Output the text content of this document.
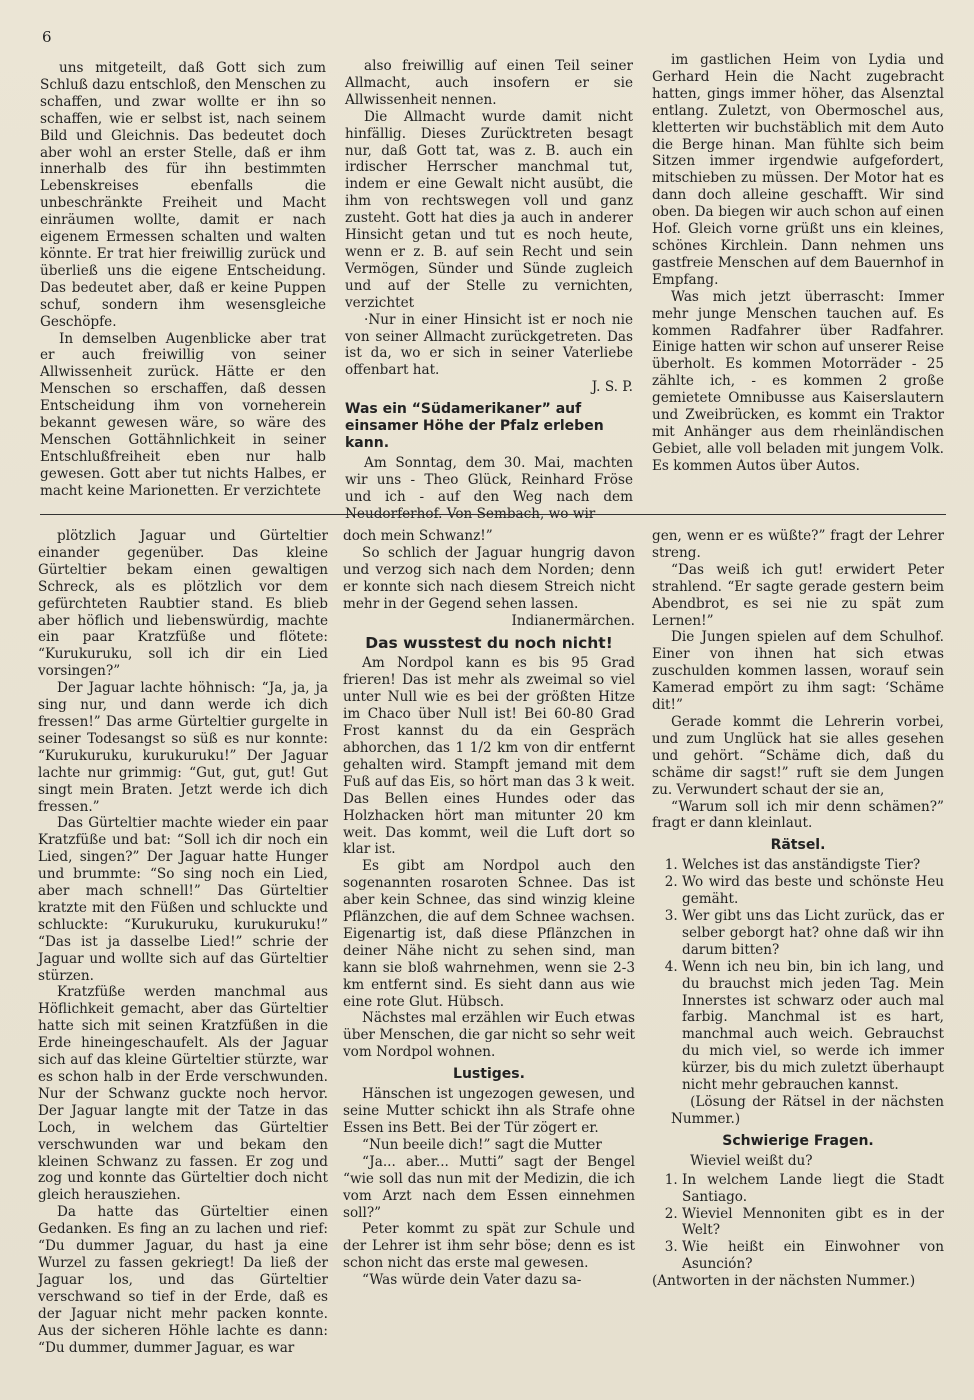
6

uns mitgeteilt, daß Gott sich zum Schluß dazu entschloß, den Menschen zu schaffen, und zwar wollte er ihn so schaffen, wie er selbst ist, nach seinem Bild und Gleichnis. Das bedeutet doch aber wohl an erster Stelle, daß er ihm innerhalb des für ihn bestimmten Lebenskreises ebenfalls die unbeschränkte Freiheit und Macht einräumen wollte, damit er nach eigenem Ermessen schalten und walten könnte. Er trat hier freiwillig zurück und überließ uns die eigene Entscheidung. Das bedeutet aber, daß er keine Puppen schuf, sondern ihm wesensgleiche Geschöpfe.

In demselben Augenblicke aber trat er auch freiwillig von seiner Allwissenheit zurück. Hätte er den Menschen so erschaffen, daß dessen Entscheidung ihm von vorneherein bekannt gewesen wäre, so wäre des Menschen Gottähnlichkeit in seiner Entschlußfreiheit eben nur halb gewesen. Gott aber tut nichts Halbes, er macht keine Marionetten. Er verzichtete

also freiwillig auf einen Teil seiner Allmacht, auch insofern er sie Allwissenheit nennen.

Die Allmacht wurde damit nicht hinfällig. Dieses Zurücktreten besagt nur, daß Gott tat, was z. B. auch ein irdischer Herrscher manchmal tut, indem er eine Gewalt nicht ausübt, die ihm von rechtswegen voll und ganz zusteht. Gott hat dies ja auch in anderer Hinsicht getan und tut es noch heute, wenn er z. B. auf sein Recht und sein Vermögen, Sünder und Sünde zugleich und auf der Stelle zu vernichten, verzichtet

·Nur in einer Hinsicht ist er noch nie von seiner Allmacht zurückgetreten. Das ist da, wo er sich in seiner Vaterliebe offenbart hat.

J. S. P.

Was ein “Südamerikaner” auf einsamer Höhe der Pfalz erleben kann.

Am Sonntag, dem 30. Mai, machten wir uns - Theo Glück, Reinhard Fröse und ich - auf den Weg nach dem Neudorferhof. Von Sembach, wo wir

im gastlichen Heim von Lydia und Gerhard Hein die Nacht zugebracht hatten, gings immer höher, das Alsenztal entlang. Zuletzt, von Obermoschel aus, kletterten wir buchstäblich mit dem Auto die Berge hinan. Man fühlte sich beim Sitzen immer irgendwie aufgefordert, mitschieben zu müssen. Der Motor hat es dann doch alleine geschafft. Wir sind oben. Da biegen wir auch schon auf einen Hof. Gleich vorne grüßt uns ein kleines, schönes Kirchlein. Dann nehmen uns gastfreie Menschen auf dem Bauernhof in Empfang.

Was mich jetzt überrascht: Immer mehr junge Menschen tauchen auf. Es kommen Radfahrer über Radfahrer. Einige hatten wir schon auf unserer Reise überholt. Es kommen Motorräder - 25 zählte ich, - es kommen 2 große gemietete Omnibusse aus Kaiserslautern und Zweibrücken, es kommt ein Traktor mit Anhänger aus dem rheinländischen Gebiet, alle voll beladen mit jungem Volk. Es kommen Autos über Autos.

plötzlich Jaguar und Gürteltier einander gegenüber. Das kleine Gürteltier bekam einen gewaltigen Schreck, als es plötzlich vor dem gefürchteten Raubtier stand. Es blieb aber höflich und liebenswürdig, machte ein paar Kratzfüße und flötete: “Kurukuruku, soll ich dir ein Lied vorsingen?”

Der Jaguar lachte höhnisch: “Ja, ja, ja sing nur, und dann werde ich dich fressen!” Das arme Gürteltier gurgelte in seiner Todesangst so süß es nur konnte: “Kurukuruku, kurukuruku!” Der Jaguar lachte nur grimmig: “Gut, gut, gut! Gut singt mein Braten. Jetzt werde ich dich fressen.”

Das Gürteltier machte wieder ein paar Kratzfüße und bat: “Soll ich dir noch ein Lied, singen?” Der Jaguar hatte Hunger und brummte: “So sing noch ein Lied, aber mach schnell!” Das Gürteltier kratzte mit den Füßen und schluckte und schluckte: “Kurukuruku, kurukuruku!” “Das ist ja dasselbe Lied!” schrie der Jaguar und wollte sich auf das Gürteltier stürzen.

Kratzfüße werden manchmal aus Höflichkeit gemacht, aber das Gürteltier hatte sich mit seinen Kratzfüßen in die Erde hineingeschaufelt. Als der Jaguar sich auf das kleine Gürteltier stürzte, war es schon halb in der Erde verschwunden. Nur der Schwanz guckte noch hervor. Der Jaguar langte mit der Tatze in das Loch, in welchem das Gürteltier verschwunden war und bekam den kleinen Schwanz zu fassen. Er zog und zog und konnte das Gürteltier doch nicht gleich herausziehen.

Da hatte das Gürteltier einen Gedanken. Es fing an zu lachen und rief: “Du dummer Jaguar, du hast ja eine Wurzel zu fassen gekriegt! Da ließ der Jaguar los, und das Gürteltier verschwand so tief in der Erde, daß es der Jaguar nicht mehr packen konnte. Aus der sicheren Höhle lachte es dann: “Du dummer, dummer Jaguar, es war

doch mein Schwanz!”

So schlich der Jaguar hungrig davon und verzog sich nach dem Norden; denn er konnte sich nach diesem Streich nicht mehr in der Gegend sehen lassen.

Indianermärchen.

Das wusstest du noch nicht!

Am Nordpol kann es bis 95 Grad frieren! Das ist mehr als zweimal so viel unter Null wie es bei der größten Hitze im Chaco über Null ist! Bei 60-80 Grad Frost kannst du da ein Gespräch abhorchen, das 1 1/2 km von dir entfernt gehalten wird. Stampft jemand mit dem Fuß auf das Eis, so hört man das 3 k weit. Das Bellen eines Hundes oder das Holzhacken hört man mitunter 20 km weit. Das kommt, weil die Luft dort so klar ist.

Es gibt am Nordpol auch den sogenannten rosaroten Schnee. Das ist aber kein Schnee, das sind winzig kleine Pflänzchen, die auf dem Schnee wachsen. Eigenartig ist, daß diese Pflänzchen in deiner Nähe nicht zu sehen sind, man kann sie bloß wahrnehmen, wenn sie 2-3 km entfernt sind. Es sieht dann aus wie eine rote Glut. Hübsch.

Nächstes mal erzählen wir Euch etwas über Menschen, die gar nicht so sehr weit vom Nordpol wohnen.

Lustiges.

Hänschen ist ungezogen gewesen, und seine Mutter schickt ihn als Strafe ohne Essen ins Bett. Bei der Tür zögert er.

“Nun beeile dich!” sagt die Mutter

“Ja... aber... Mutti” sagt der Bengel “wie soll das nun mit der Medizin, die ich vom Arzt nach dem Essen einnehmen soll?”

Peter kommt zu spät zur Schule und der Lehrer ist ihm sehr böse; denn es ist schon nicht das erste mal gewesen.

“Was würde dein Vater dazu sa-

gen, wenn er es wüßte?” fragt der Lehrer streng.

“Das weiß ich gut! erwidert Peter strahlend. “Er sagte gerade gestern beim Abendbrot, es sei nie zu spät zum Lernen!”

Die Jungen spielen auf dem Schulhof. Einer von ihnen hat sich etwas zuschulden kommen lassen, worauf sein Kamerad empört zu ihm sagt: ‘Schäme dit!”

Gerade kommt die Lehrerin vorbei, und zum Unglück hat sie alles gesehen und gehört. “Schäme dich, daß du schäme dir sagst!” ruft sie dem Jungen zu. Verwundert schaut der sie an,

“Warum soll ich mir denn schämen?” fragt er dann kleinlaut.

Rätsel.
1. Welches ist das anständigste Tier?
2. Wo wird das beste und schönste Heu gemäht.
3. Wer gibt uns das Licht zurück, das er selber geborgt hat? ohne daß wir ihn darum bitten?
4. Wenn ich neu bin, bin ich lang, und du brauchst mich jeden Tag. Mein Innerstes ist schwarz oder auch mal farbig. Manchmal ist es hart, manchmal auch weich. Gebrauchst du mich viel, so werde ich immer kürzer, bis du mich zuletzt überhaupt nicht mehr gebrauchen kannst.

(Lösung der Rätsel in der nächsten Nummer.)

Schwierige Fragen.

Wieviel weißt du?

1. In welchem Lande liegt die Stadt Santiago.
2. Wieviel Mennoniten gibt es in der Welt?
3. Wie heißt ein Einwohner von Asunción?

(Antworten in der nächsten Nummer.)
